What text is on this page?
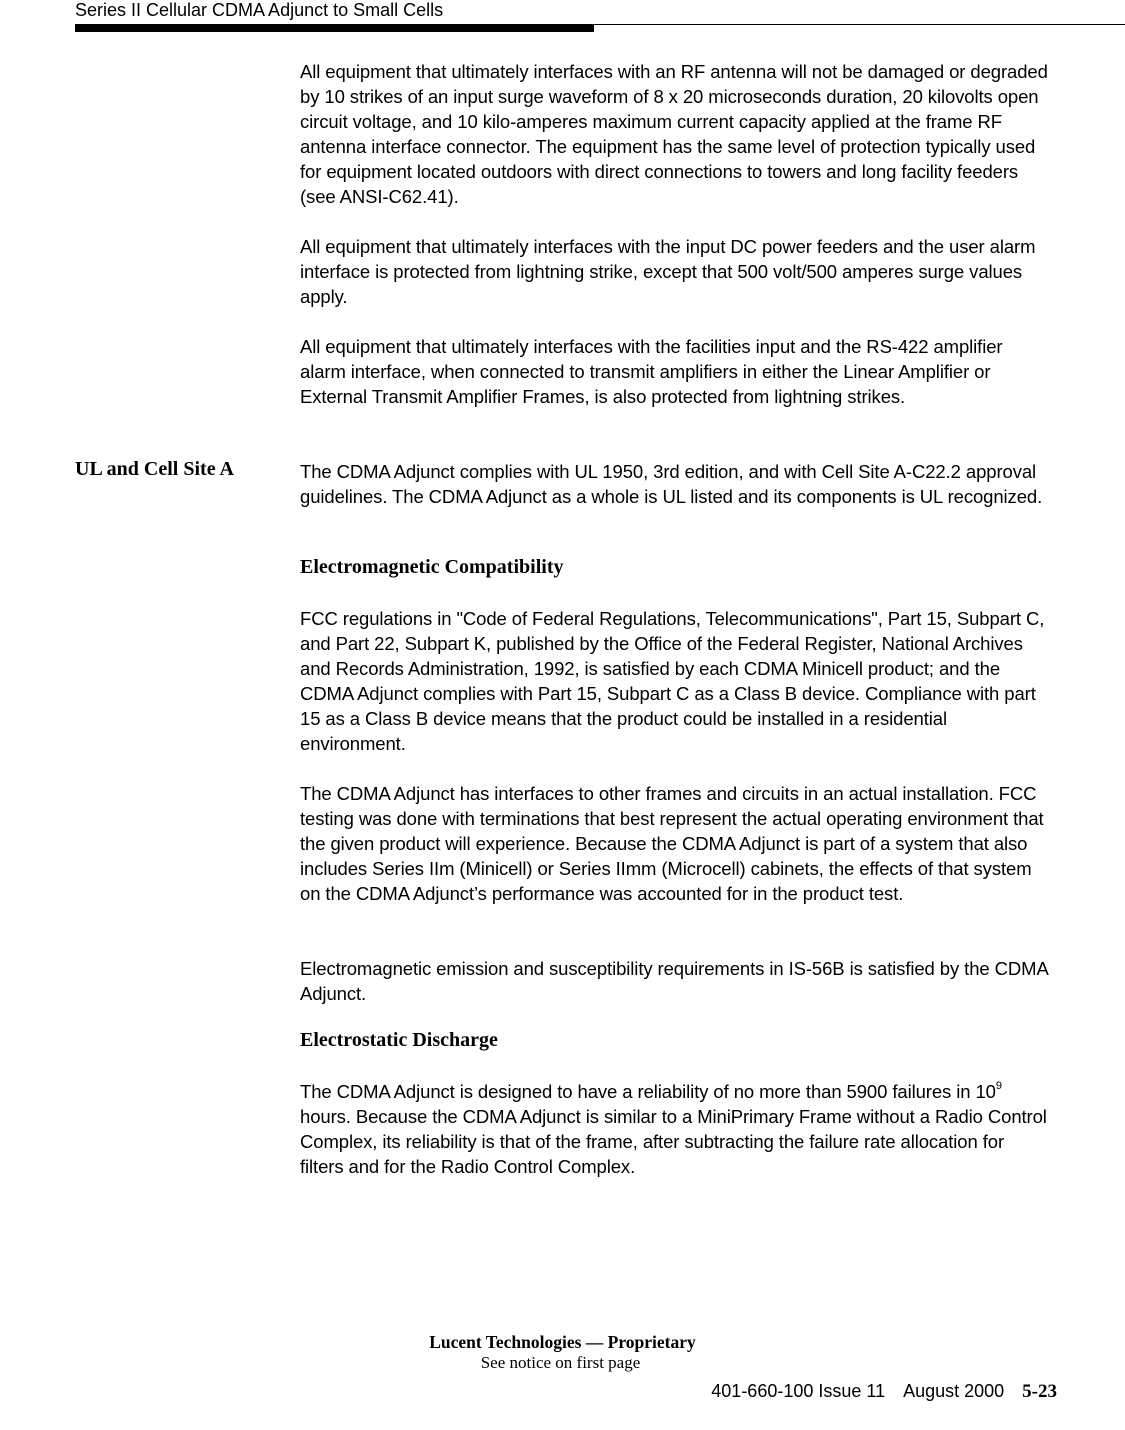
Series II Cellular CDMA Adjunct to Small Cells

All equipment that ultimately interfaces with an RF antenna will not be damaged or degraded by 10 strikes of an input surge waveform of 8 x 20 microseconds duration, 20 kilovolts open circuit voltage, and 10 kilo-amperes maximum current capacity applied at the frame RF antenna interface connector. The equipment has the same level of protection typically used for equipment located outdoors with direct connections to towers and long facility feeders (see ANSI-C62.41).

All equipment that ultimately interfaces with the input DC power feeders and the user alarm interface is protected from lightning strike, except that 500 volt/500 amperes surge values apply.

All equipment that ultimately interfaces with the facilities input and the RS-422 amplifier alarm interface, when connected to transmit amplifiers in either the Linear Amplifier or External Transmit Amplifier Frames, is also protected from lightning strikes.

UL and Cell Site A	The CDMA Adjunct complies with UL 1950, 3rd edition, and with Cell Site A-C22.2 approval guidelines. The CDMA Adjunct as a whole is UL listed and its components is UL recognized.

Electromagnetic Compatibility

FCC regulations in "Code of Federal Regulations, Telecommunications", Part 15, Subpart C, and Part 22, Subpart K, published by the Office of the Federal Register, National Archives and Records Administration, 1992, is satisfied by each CDMA Minicell product; and the CDMA Adjunct complies with Part 15, Subpart C as a Class B device. Compliance with part 15 as a Class B device means that the product could be installed in a residential environment.

The CDMA Adjunct has interfaces to other frames and circuits in an actual installation. FCC testing was done with terminations that best represent the actual operating environment that the given product will experience. Because the CDMA Adjunct is part of a system that also includes Series IIm (Minicell) or Series IImm (Microcell) cabinets, the effects of that system on the CDMA Adjunct’s performance was accounted for in the product test.

Electromagnetic emission and susceptibility requirements in IS-56B is satisfied by the CDMA Adjunct.

Electrostatic Discharge

The CDMA Adjunct is designed to have a reliability of no more than 5900 failures in $10^9$ hours. Because the CDMA Adjunct is similar to a MiniPrimary Frame without a Radio Control Complex, its reliability is that of the frame, after subtracting the failure rate allocation for filters and for the Radio Control Complex.

Lucent Technologies — Proprietary
See notice on first page
401-660-100 Issue 11 August 2000 5-23
